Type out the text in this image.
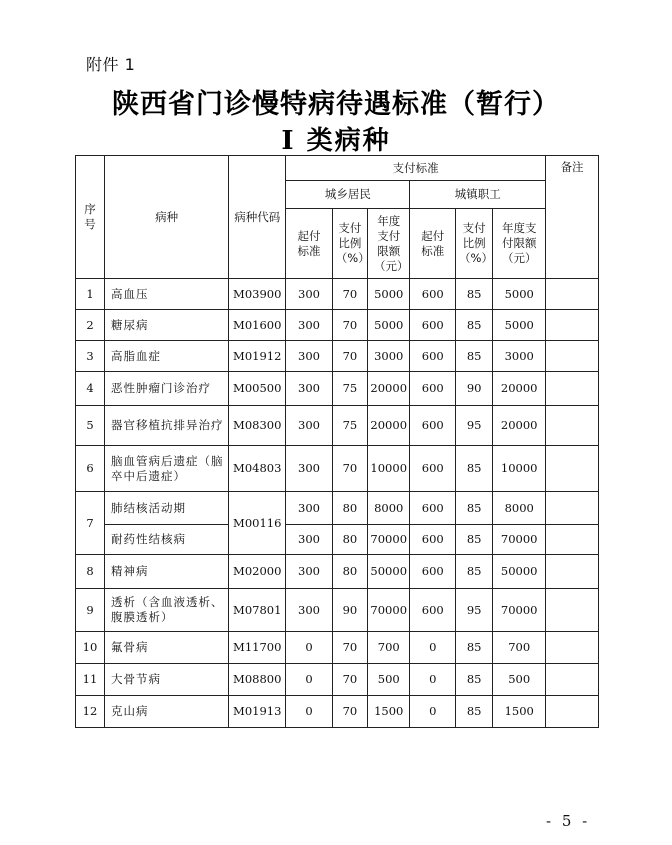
附件 1
陕西省门诊慢特病待遇标准（暂行）
I 类病种
序号	病种	病种代码	支付标准						备注
			城乡居民			城镇职工			
			起付标准	支付比例（%）	年度支付限额（元）	起付标准	支付比例（%）	年度支付限额（元）	
1	高血压	M03900	300	70	5000	600	85	5000	
2	糖尿病	M01600	300	70	5000	600	85	5000	
3	高脂血症	M01912	300	70	3000	600	85	3000	
4	恶性肿瘤门诊治疗	M00500	300	75	20000	600	90	20000	
5	器官移植抗排异治疗	M08300	300	75	20000	600	95	20000	
6	脑血管病后遗症（脑卒中后遗症）	M04803	300	70	10000	600	85	10000	
7	肺结核活动期	M00116	300	80	8000	600	85	8000	
	耐药性结核病		300	80	70000	600	85	70000	
8	精神病	M02000	300	80	50000	600	85	50000	
9	透析（含血液透析、腹膜透析）	M07801	300	90	70000	600	95	70000	
10	氟骨病	M11700	0	70	700	0	85	700	
11	大骨节病	M08800	0	70	500	0	85	500	
12	克山病	M01913	0	70	1500	0	85	1500	
- 5 -
